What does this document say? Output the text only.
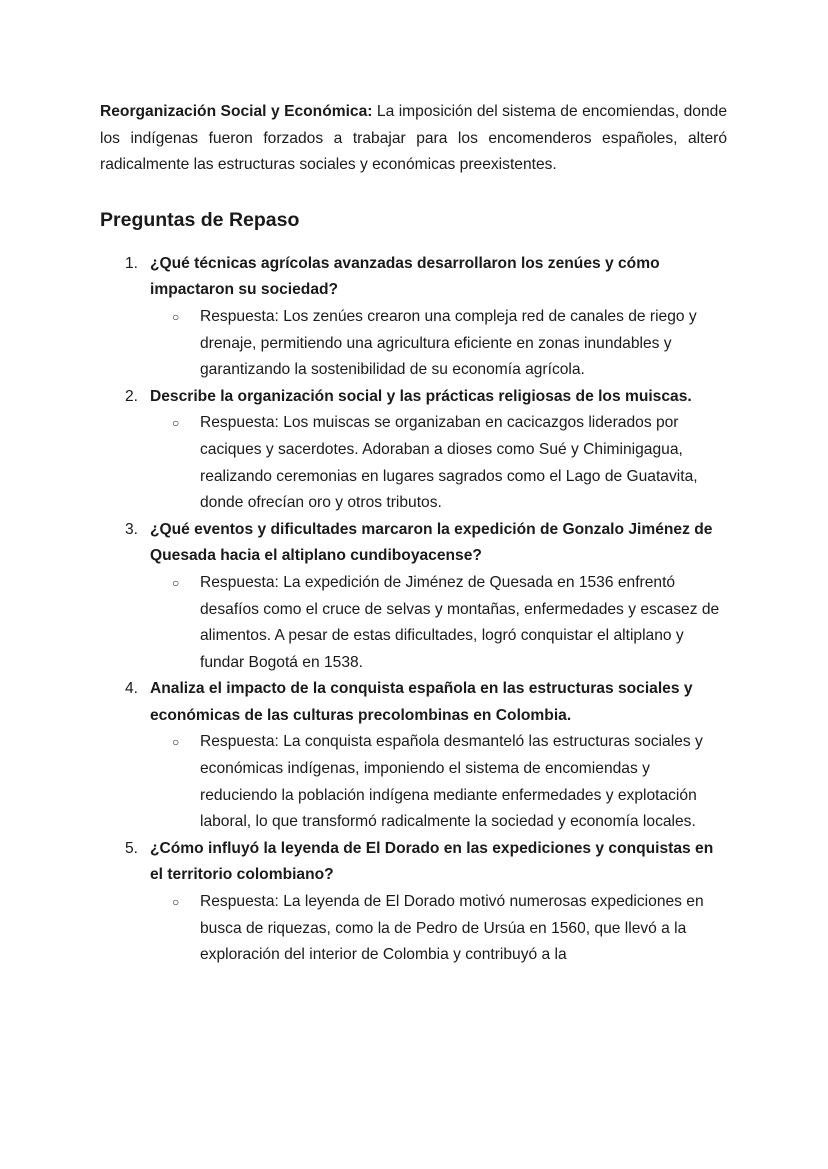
Reorganización Social y Económica: La imposición del sistema de encomiendas, donde los indígenas fueron forzados a trabajar para los encomenderos españoles, alteró radicalmente las estructuras sociales y económicas preexistentes.

Preguntas de Repaso
1. ¿Qué técnicas agrícolas avanzadas desarrollaron los zenúes y cómo impactaron su sociedad?
○ Respuesta: Los zenúes crearon una compleja red de canales de riego y drenaje, permitiendo una agricultura eficiente en zonas inundables y garantizando la sostenibilidad de su economía agrícola.
2. Describe la organización social y las prácticas religiosas de los muiscas.
○ Respuesta: Los muiscas se organizaban en cacicazgos liderados por caciques y sacerdotes. Adoraban a dioses como Sué y Chiminigagua, realizando ceremonias en lugares sagrados como el Lago de Guatavita, donde ofrecían oro y otros tributos.
3. ¿Qué eventos y dificultades marcaron la expedición de Gonzalo Jiménez de Quesada hacia el altiplano cundiboyacense?
○ Respuesta: La expedición de Jiménez de Quesada en 1536 enfrentó desafíos como el cruce de selvas y montañas, enfermedades y escasez de alimentos. A pesar de estas dificultades, logró conquistar el altiplano y fundar Bogotá en 1538.
4. Analiza el impacto de la conquista española en las estructuras sociales y económicas de las culturas precolombinas en Colombia.
○ Respuesta: La conquista española desmanteló las estructuras sociales y económicas indígenas, imponiendo el sistema de encomiendas y reduciendo la población indígena mediante enfermedades y explotación laboral, lo que transformó radicalmente la sociedad y economía locales.
5. ¿Cómo influyó la leyenda de El Dorado en las expediciones y conquistas en el territorio colombiano?
○ Respuesta: La leyenda de El Dorado motivó numerosas expediciones en busca de riquezas, como la de Pedro de Ursúa en 1560, que llevó a la exploración del interior de Colombia y contribuyó a la
